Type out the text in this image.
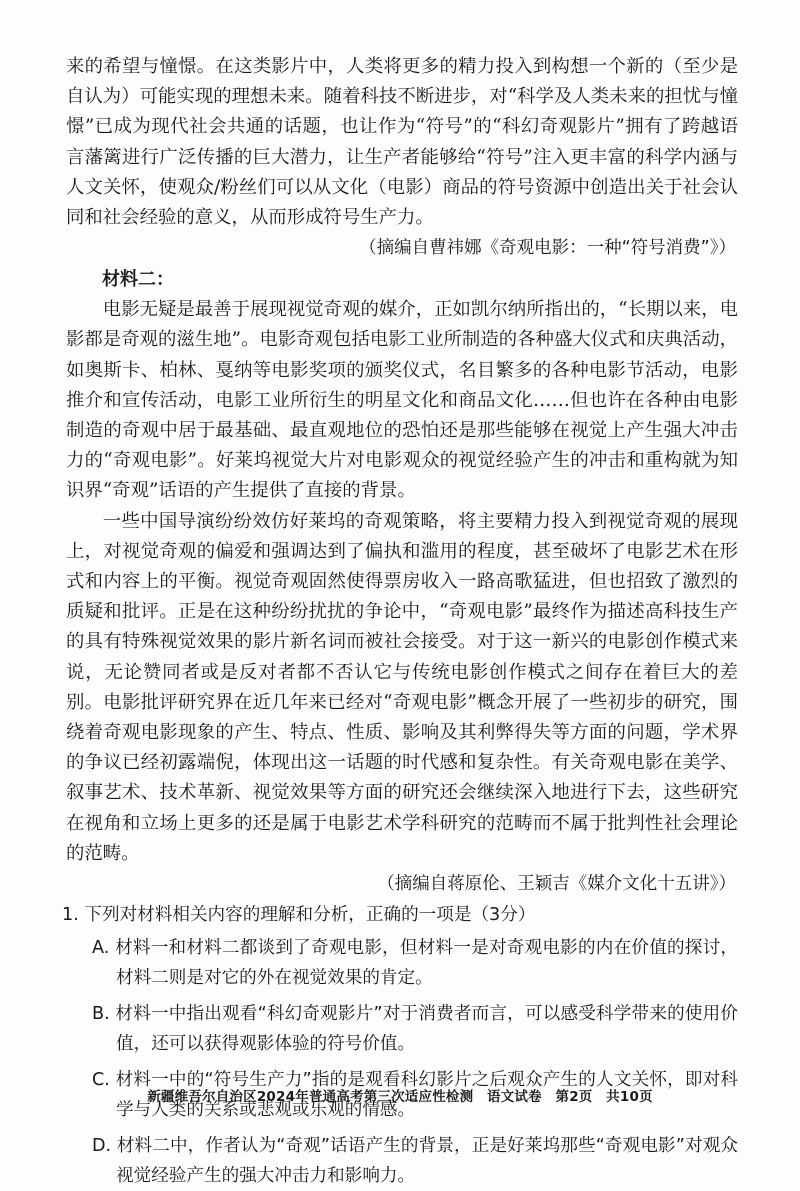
来的希望与憧憬。在这类影片中，人类将更多的精力投入到构想一个新的（至少是自认为）可能实现的理想未来。随着科技不断进步，对“科学及人类未来的担忧与憧憬”已成为现代社会共通的话题，也让作为“符号”的“科幻奇观影片”拥有了跨越语言藩篱进行广泛传播的巨大潜力，让生产者能够给“符号”注入更丰富的科学内涵与人文关怀，使观众/粉丝们可以从文化（电影）商品的符号资源中创造出关于社会认同和社会经验的意义，从而形成符号生产力。

（摘编自曹祎娜《奇观电影：一种“符号消费”》）

材料二：

电影无疑是最善于展现视觉奇观的媒介，正如凯尔纳所指出的，“长期以来，电影都是奇观的滋生地”。电影奇观包括电影工业所制造的各种盛大仪式和庆典活动，如奥斯卡、柏林、戛纳等电影奖项的颁奖仪式，名目繁多的各种电影节活动，电影推介和宣传活动，电影工业所衍生的明星文化和商品文化……但也许在各种由电影制造的奇观中居于最基础、最直观地位的恐怕还是那些能够在视觉上产生强大冲击力的“奇观电影”。好莱坞视觉大片对电影观众的视觉经验产生的冲击和重构就为知识界“奇观”话语的产生提供了直接的背景。

一些中国导演纷纷效仿好莱坞的奇观策略，将主要精力投入到视觉奇观的展现上，对视觉奇观的偏爱和强调达到了偏执和滥用的程度，甚至破坏了电影艺术在形式和内容上的平衡。视觉奇观固然使得票房收入一路高歌猛进，但也招致了激烈的质疑和批评。正是在这种纷纷扰扰的争论中，“奇观电影”最终作为描述高科技生产的具有特殊视觉效果的影片新名词而被社会接受。对于这一新兴的电影创作模式来说，无论赞同者或是反对者都不否认它与传统电影创作模式之间存在着巨大的差别。电影批评研究界在近几年来已经对“奇观电影”概念开展了一些初步的研究，围绕着奇观电影现象的产生、特点、性质、影响及其利弊得失等方面的问题，学术界的争议已经初露端倪，体现出这一话题的时代感和复杂性。有关奇观电影在美学、叙事艺术、技术革新、视觉效果等方面的研究还会继续深入地进行下去，这些研究在视角和立场上更多的还是属于电影艺术学科研究的范畴而不属于批判性社会理论的范畴。

（摘编自蒋原伦、王颖吉《媒介文化十五讲》）

1. 下列对材料相关内容的理解和分析，正确的一项是（3分）

A. 材料一和材料二都谈到了奇观电影，但材料一是对奇观电影的内在价值的探讨，材料二则是对它的外在视觉效果的肯定。

B. 材料一中指出观看“科幻奇观影片”对于消费者而言，可以感受科学带来的使用价值，还可以获得观影体验的符号价值。

C. 材料一中的“符号生产力”指的是观看科幻影片之后观众产生的人文关怀，即对科学与人类的关系或悲观或乐观的情感。

D. 材料二中，作者认为“奇观”话语产生的背景，正是好莱坞那些“奇观电影”对观众视觉经验产生的强大冲击力和影响力。

新疆维吾尔自治区2024年普通高考第三次适应性检测　语文试卷　第2页　共10页
